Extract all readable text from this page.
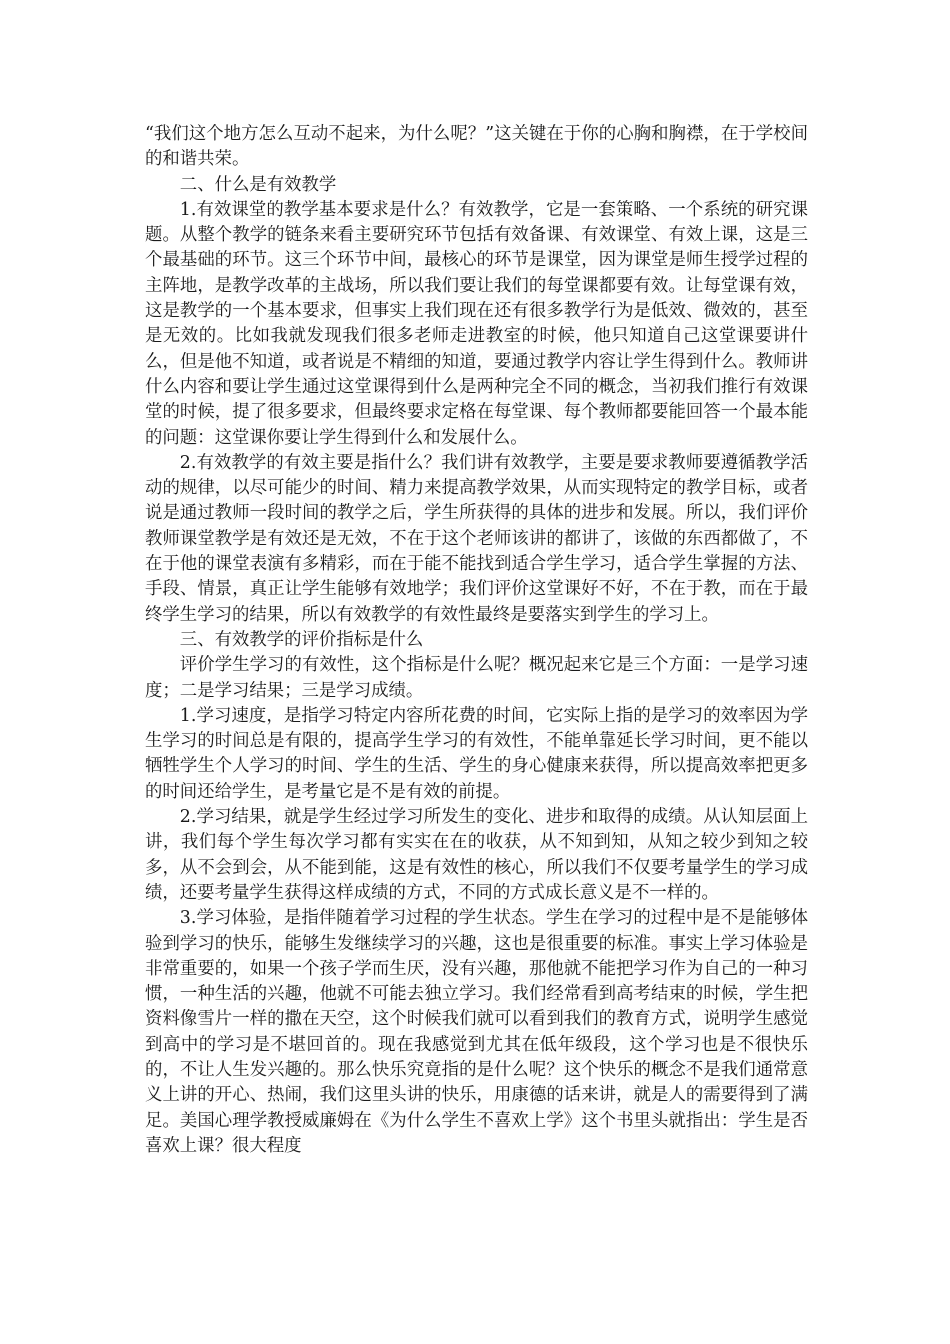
“我们这个地方怎么互动不起来，为什么呢？”这关键在于你的心胸和胸襟，在于学校间的和谐共荣。

二、什么是有效教学

1.有效课堂的教学基本要求是什么？有效教学，它是一套策略、一个系统的研究课题。从整个教学的链条来看主要研究环节包括有效备课、有效课堂、有效上课，这是三个最基础的环节。这三个环节中间，最核心的环节是课堂，因为课堂是师生授学过程的主阵地，是教学改革的主战场，所以我们要让我们的每堂课都要有效。让每堂课有效，这是教学的一个基本要求，但事实上我们现在还有很多教学行为是低效、微效的，甚至是无效的。比如我就发现我们很多老师走进教室的时候，他只知道自己这堂课要讲什么，但是他不知道，或者说是不精细的知道，要通过教学内容让学生得到什么。教师讲什么内容和要让学生通过这堂课得到什么是两种完全不同的概念，当初我们推行有效课堂的时候，提了很多要求，但最终要求定格在每堂课、每个教师都要能回答一个最本能的问题：这堂课你要让学生得到什么和发展什么。

2.有效教学的有效主要是指什么？我们讲有效教学，主要是要求教师要遵循教学活动的规律，以尽可能少的时间、精力来提高教学效果，从而实现特定的教学目标，或者说是通过教师一段时间的教学之后，学生所获得的具体的进步和发展。所以，我们评价教师课堂教学是有效还是无效，不在于这个老师该讲的都讲了，该做的东西都做了，不在于他的课堂表演有多精彩，而在于能不能找到适合学生学习，适合学生掌握的方法、手段、情景，真正让学生能够有效地学；我们评价这堂课好不好，不在于教，而在于最终学生学习的结果，所以有效教学的有效性最终是要落实到学生的学习上。

三、有效教学的评价指标是什么

评价学生学习的有效性，这个指标是什么呢？概况起来它是三个方面：一是学习速度；二是学习结果；三是学习成绩。

1.学习速度，是指学习特定内容所花费的时间，它实际上指的是学习的效率因为学生学习的时间总是有限的，提高学生学习的有效性，不能单靠延长学习时间，更不能以牺牲学生个人学习的时间、学生的生活、学生的身心健康来获得，所以提高效率把更多的时间还给学生，是考量它是不是有效的前提。

2.学习结果，就是学生经过学习所发生的变化、进步和取得的成绩。从认知层面上讲，我们每个学生每次学习都有实实在在的收获，从不知到知，从知之较少到知之较多，从不会到会，从不能到能，这是有效性的核心，所以我们不仅要考量学生的学习成绩，还要考量学生获得这样成绩的方式，不同的方式成长意义是不一样的。

3.学习体验，是指伴随着学习过程的学生状态。学生在学习的过程中是不是能够体验到学习的快乐，能够生发继续学习的兴趣，这也是很重要的标准。事实上学习体验是非常重要的，如果一个孩子学而生厌，没有兴趣，那他就不能把学习作为自己的一种习惯，一种生活的兴趣，他就不可能去独立学习。我们经常看到高考结束的时候，学生把资料像雪片一样的撒在天空，这个时候我们就可以看到我们的教育方式，说明学生感觉到高中的学习是不堪回首的。现在我感觉到尤其在低年级段，这个学习也是不很快乐的，不让人生发兴趣的。那么快乐究竟指的是什么呢？这个快乐的概念不是我们通常意义上讲的开心、热闹，我们这里头讲的快乐，用康德的话来讲，就是人的需要得到了满足。美国心理学教授威廉姆在《为什么学生不喜欢上学》这个书里头就指出：学生是否喜欢上课？很大程度
